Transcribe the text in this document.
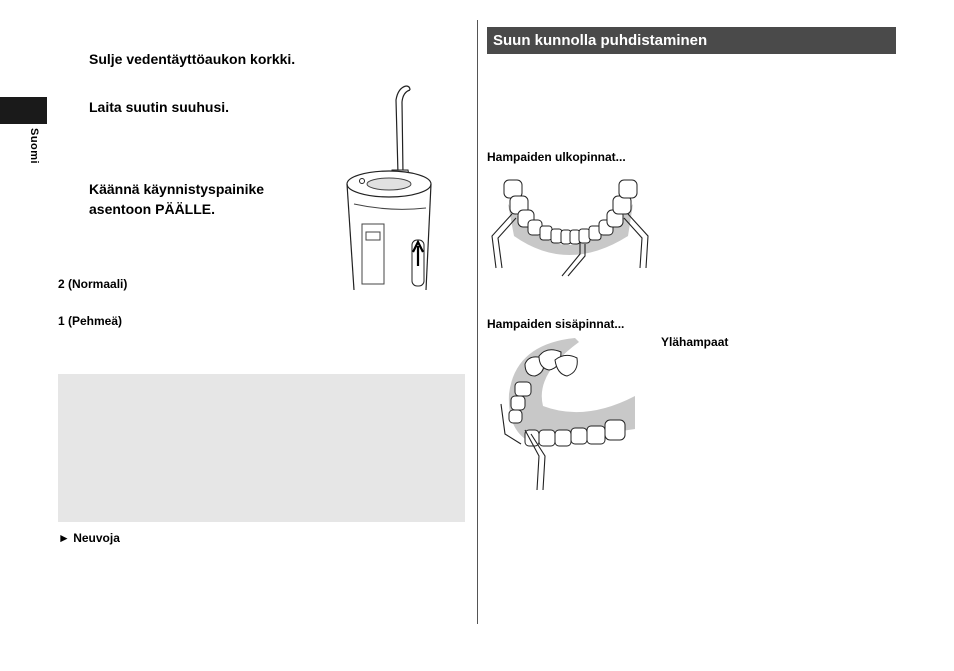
Suomi
Sulje vedentäyttöaukon korkki.
Laita suutin suuhusi.
Käännä käynnistyspainike asentoon PÄÄLLE.
2 (Normaali)
1 (Pehmeä)
► Neuvoja
Suun kunnolla puhdistaminen
Hampaiden ulkopinnat...
Hampaiden sisäpinnat...
Ylähampaat
